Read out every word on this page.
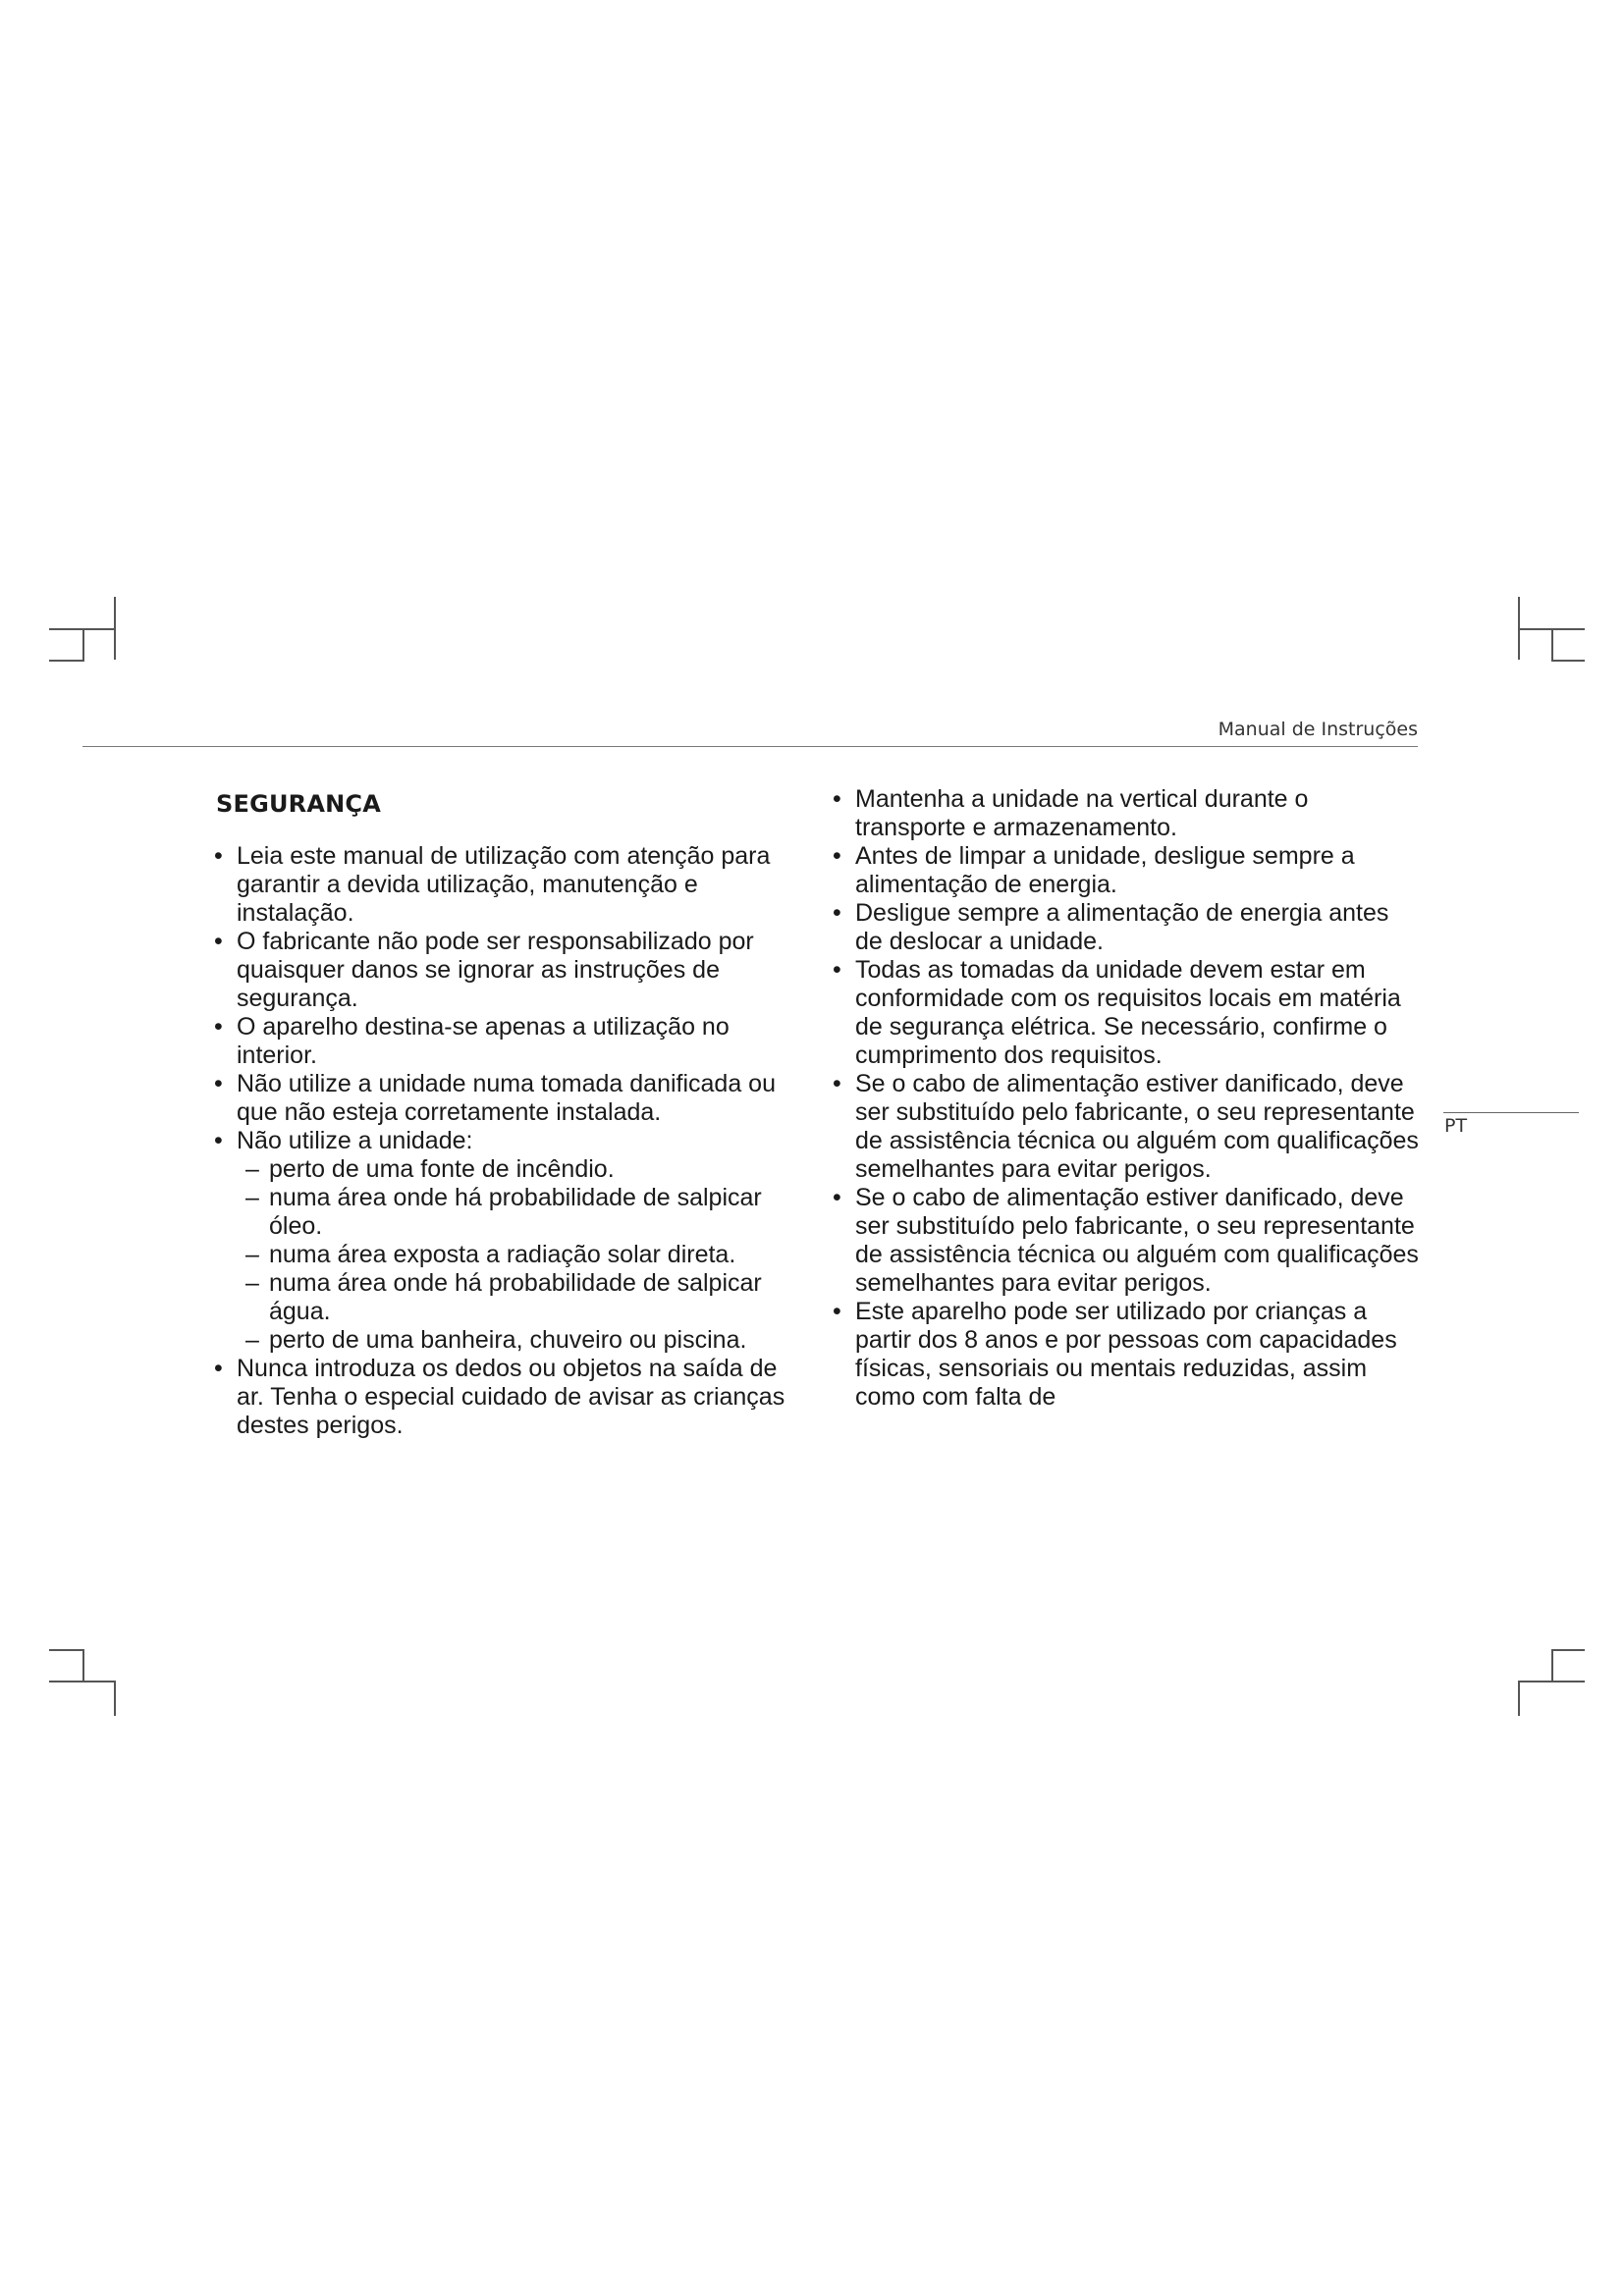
Manual de Instruções
PT
SEGURANÇA
• Leia este manual de utilização com atenção para garantir a devida utilização, manutenção e instalação.
• O fabricante não pode ser responsabilizado por quaisquer danos se ignorar as instruções de segurança.
• O aparelho destina-se apenas a utilização no interior.
• Não utilize a unidade numa tomada danificada ou que não esteja corretamente instalada.
• Não utilize a unidade:
– perto de uma fonte de incêndio.
– numa área onde há probabilidade de salpicar óleo.
– numa área exposta a radiação solar direta.
– numa área onde há probabilidade de salpicar água.
– perto de uma banheira, chuveiro ou piscina.
• Nunca introduza os dedos ou objetos na saída de ar. Tenha o especial cuidado de avisar as crianças destes perigos.
• Mantenha a unidade na vertical durante o transporte e armazenamento.
• Antes de limpar a unidade, desligue sempre a alimentação de energia.
• Desligue sempre a alimentação de energia antes de deslocar a unidade.
• Todas as tomadas da unidade devem estar em conformidade com os requisitos locais em matéria de segurança elétrica. Se necessário, confirme o cumprimento dos requisitos.
• Se o cabo de alimentação estiver danificado, deve ser substituído pelo fabricante, o seu representante de assistência técnica ou alguém com qualificações semelhantes para evitar perigos.
• Se o cabo de alimentação estiver danificado, deve ser substituído pelo fabricante, o seu representante de assistência técnica ou alguém com qualificações semelhantes para evitar perigos.
• Este aparelho pode ser utilizado por crianças a partir dos 8 anos e por pessoas com capacidades físicas, sensoriais ou mentais reduzidas, assim como com falta de
